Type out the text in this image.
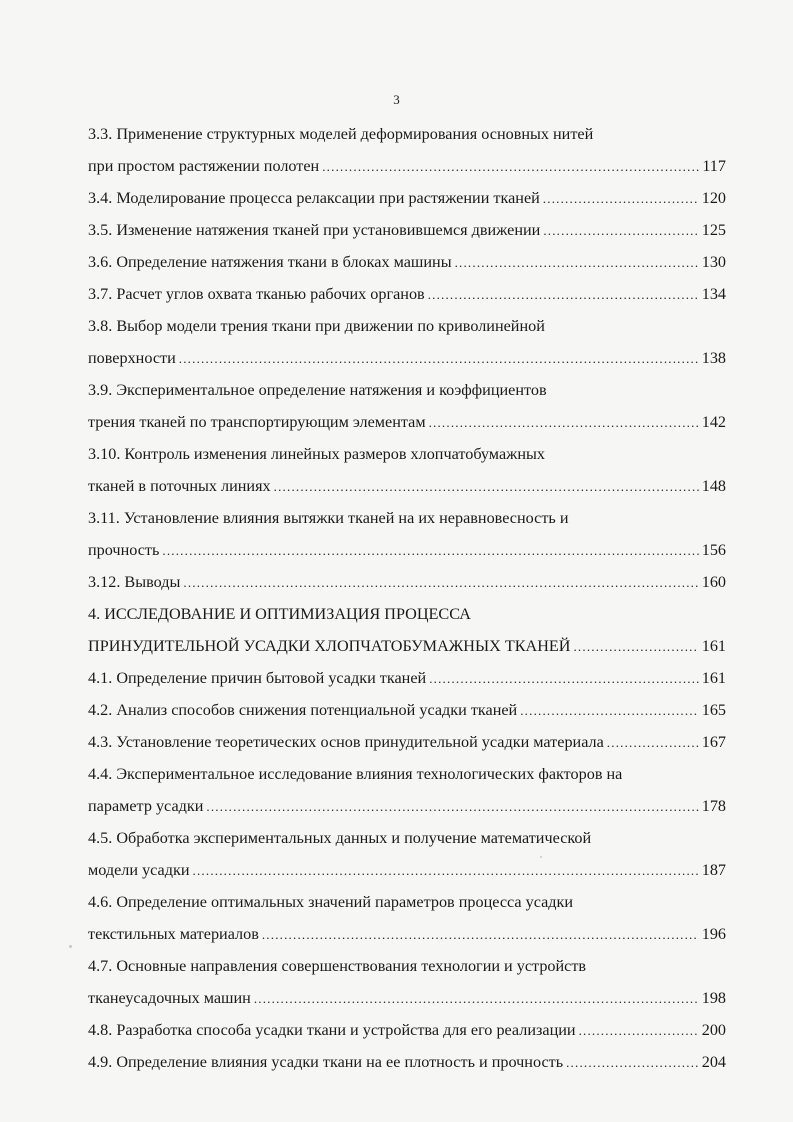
3
3.3. Применение структурных моделей деформирования основных нитей
при простом растяжении полотен .....	117
3.4. Моделирование процесса релаксации при растяжении тканей .....	120
3.5. Изменение натяжения тканей при установившемся движении .....	125
3.6. Определение натяжения ткани в блоках машины .....	130
3.7. Расчет углов охвата тканью рабочих органов .....	134
3.8. Выбор модели трения ткани при движении по криволинейной
поверхности .....	138
3.9. Экспериментальное определение натяжения и коэффициентов
трения тканей по транспортирующим элементам .....	142
3.10. Контроль изменения линейных размеров хлопчатобумажных
тканей в поточных линиях .....	148
3.11. Установление влияния вытяжки тканей на их неравновесность и
прочность .....	156
3.12. Выводы .....	160
4. ИССЛЕДОВАНИЕ И ОПТИМИЗАЦИЯ ПРОЦЕССА
ПРИНУДИТЕЛЬНОЙ УСАДКИ ХЛОПЧАТОБУМАЖНЫХ ТКАНЕЙ .....	161
4.1. Определение причин бытовой усадки тканей .....	161
4.2. Анализ способов снижения потенциальной усадки тканей .....	165
4.3. Установление теоретических основ принудительной усадки материала .....	167
4.4. Экспериментальное исследование влияния технологических факторов на
параметр усадки .....	178
4.5. Обработка экспериментальных данных и получение математической
модели усадки .....	187
4.6. Определение оптимальных значений параметров процесса усадки
текстильных материалов .....	196
4.7. Основные направления совершенствования технологии и устройств
тканеусадочных машин .....	198
4.8. Разработка способа усадки ткани и устройства для его реализации .....	200
4.9. Определение влияния усадки ткани на ее плотность и прочность .....	204
